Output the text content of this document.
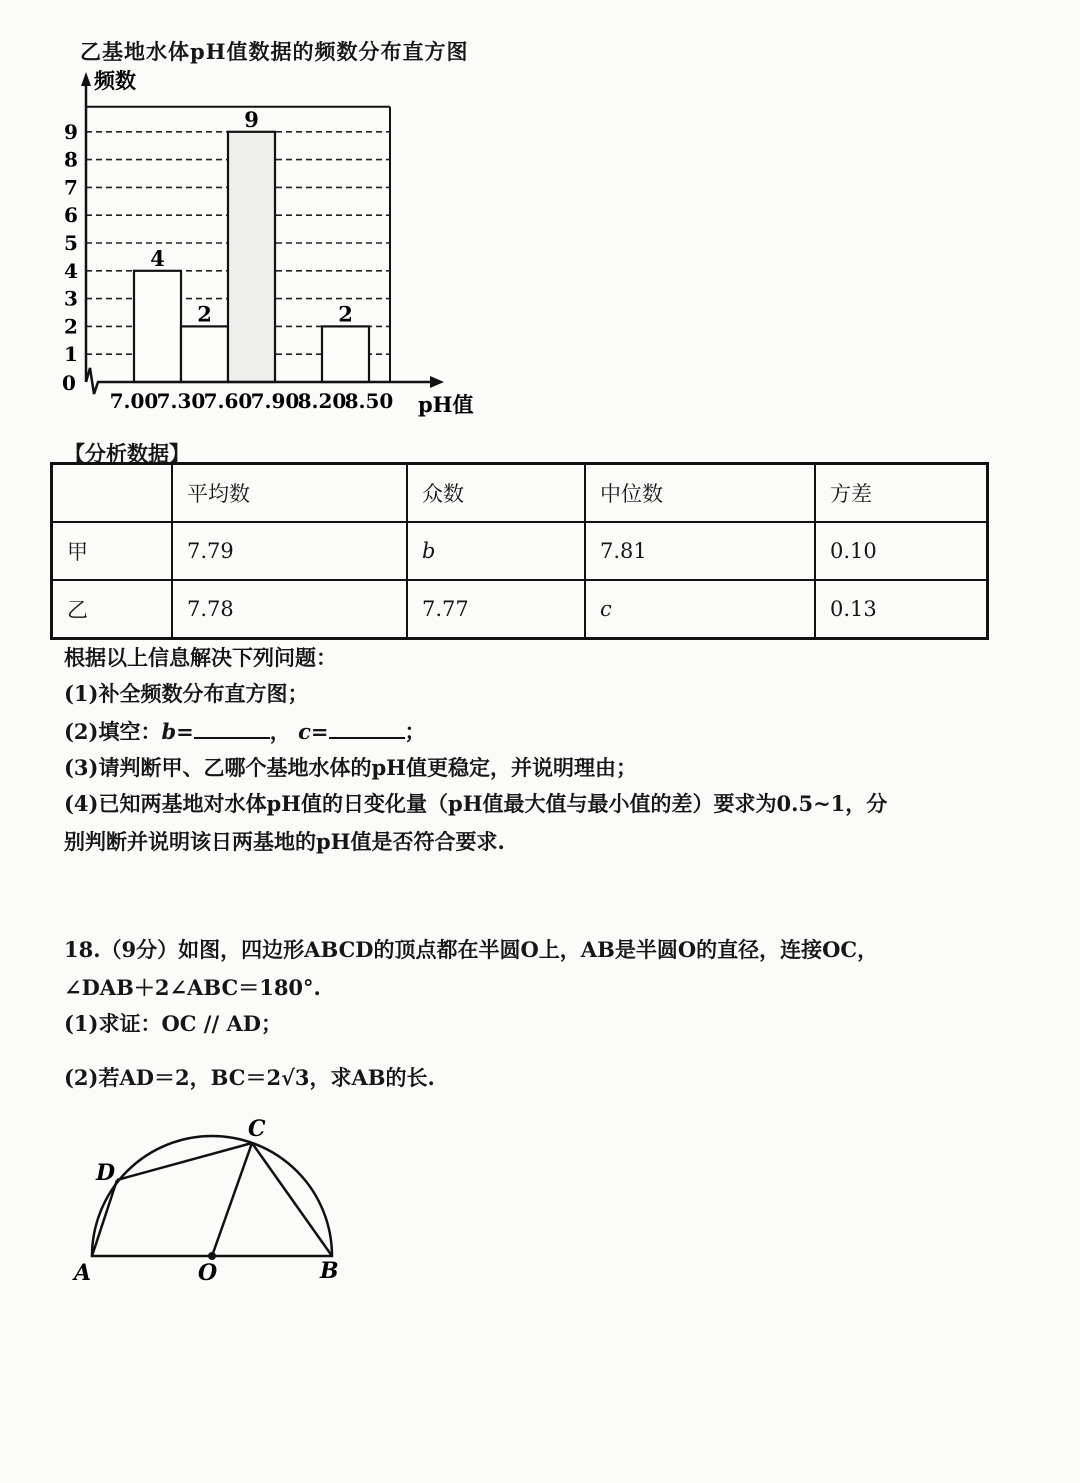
乙基地水体pH值数据的频数分布直方图
1
2
3
4
5
6
7
8
9
7.00
7.30
7.60
7.90
8.20
8.50
4
2
9
2
频数
pH值
0
【分析数据】
	平均数	众数	中位数	方差
甲	7.79	b	7.81	0.10
乙	7.78	7.77	c	0.13
根据以上信息解决下列问题：
(1)补全频数分布直方图；
(2)填空：b=	， c=	；
(3)请判断甲、乙哪个基地水体的pH值更稳定，并说明理由；
(4)已知两基地对水体pH值的日变化量（pH值最大值与最小值的差）要求为0.5~1，分
别判断并说明该日两基地的pH值是否符合要求.
18.（9分）如图，四边形ABCD的顶点都在半圆O上，AB是半圆O的直径，连接OC，
∠DAB＋2∠ABC＝180°.
(1)求证：OC // AD；
(2)若AD＝2，BC＝2√3，求AB的长.
A	B
C
D
O
